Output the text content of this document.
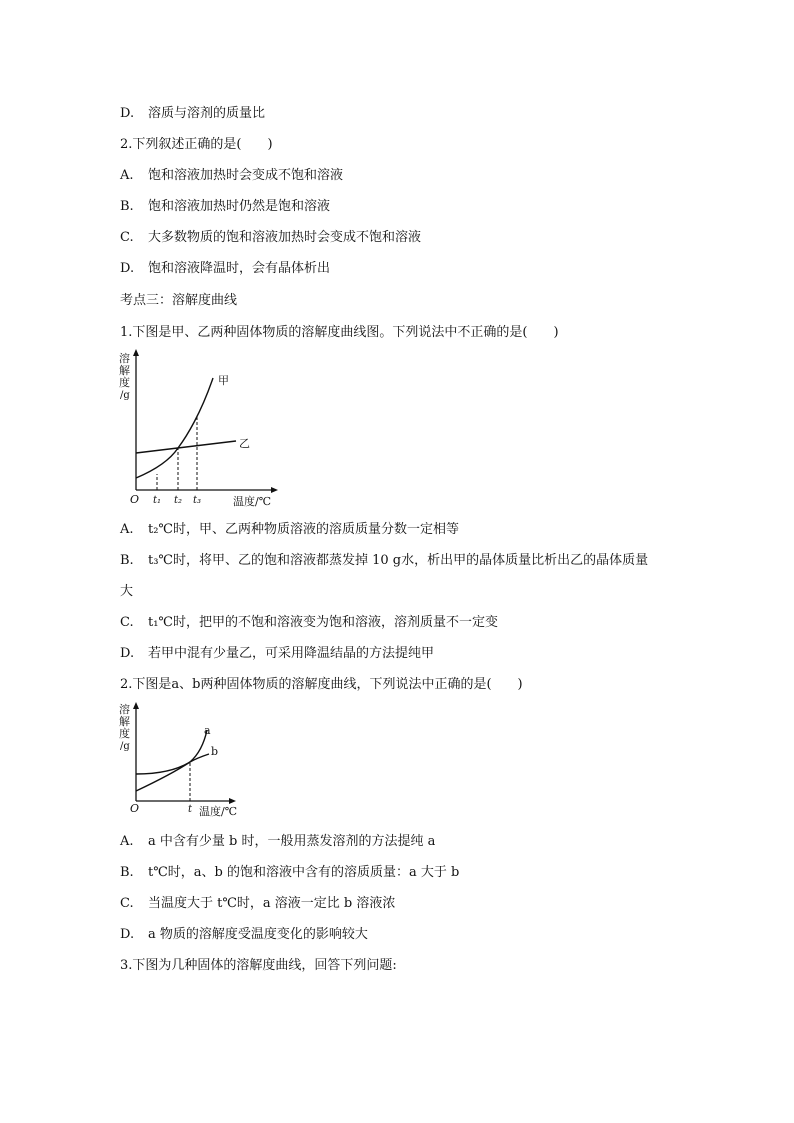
D. 溶质与溶剂的质量比
2.下列叙述正确的是(　　)
A. 饱和溶液加热时会变成不饱和溶液
B. 饱和溶液加热时仍然是饱和溶液
C. 大多数物质的饱和溶液加热时会变成不饱和溶液
D. 饱和溶液降温时，会有晶体析出
考点三：溶解度曲线
1.下图是甲、乙两种固体物质的溶解度曲线图。下列说法中不正确的是(　　)
溶
解
度
/g
O	温度/℃
t₁ t₂ t₃
甲
乙
A. t₂℃时，甲、乙两种物质溶液的溶质质量分数一定相等
B. t₃℃时，将甲、乙的饱和溶液都蒸发掉 10 g水，析出甲的晶体质量比析出乙的晶体质量
大
C. t₁℃时，把甲的不饱和溶液变为饱和溶液，溶剂质量不一定变
D. 若甲中混有少量乙，可采用降温结晶的方法提纯甲
2.下图是a、b两种固体物质的溶解度曲线，下列说法中正确的是(　　)
溶
解
度
/g
O	温度/℃
t
a
b
A. a 中含有少量 b 时，一般用蒸发溶剂的方法提纯 a
B. t℃时，a、b 的饱和溶液中含有的溶质质量：a 大于 b
C. 当温度大于 t℃时，a 溶液一定比 b 溶液浓
D. a 物质的溶解度受温度变化的影响较大
3.下图为几种固体的溶解度曲线，回答下列问题:
